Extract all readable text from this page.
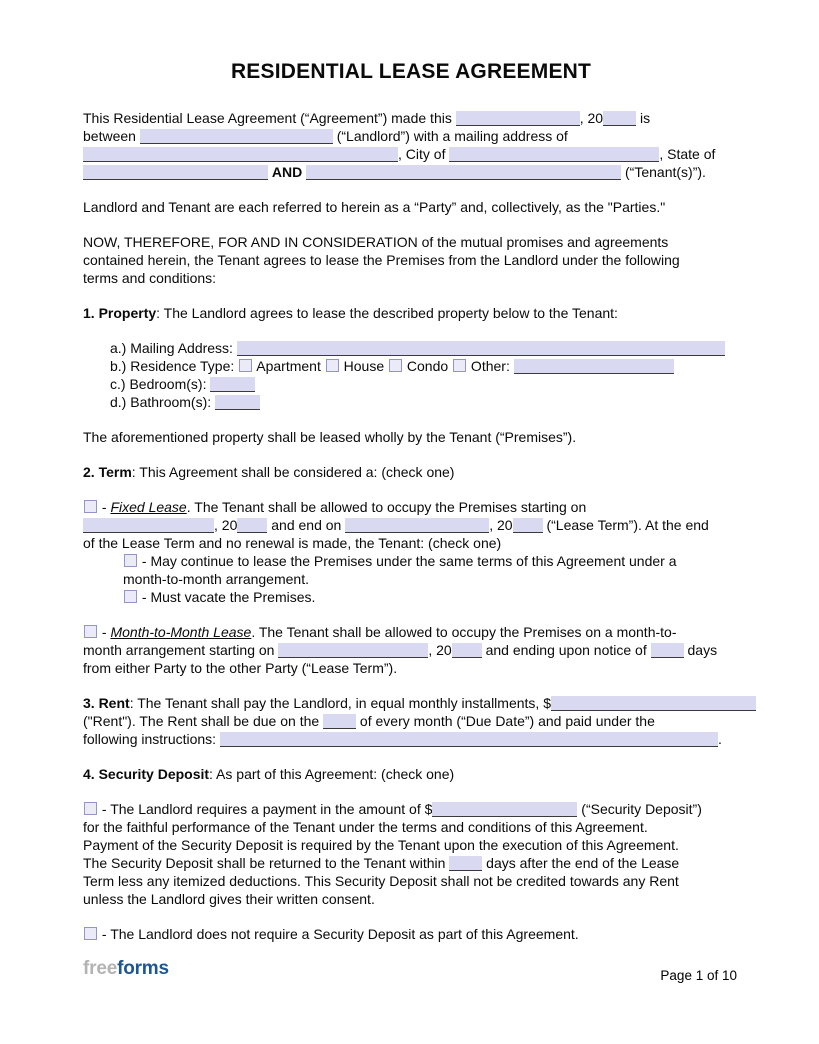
RESIDENTIAL LEASE AGREEMENT
This Residential Lease Agreement (“Agreement”) made this	, 20 is
between	(“Landlord”) with a mailing address of
, City of	, State of
AND	(“Tenant(s)”).
Landlord and Tenant are each referred to herein as a “Party” and, collectively, as the "Parties."
NOW, THEREFORE, FOR AND IN CONSIDERATION of the mutual promises and agreements
contained herein, the Tenant agrees to lease the Premises from the Landlord under the following
terms and conditions:
1. Property: The Landlord agrees to lease the described property below to the Tenant:
a.) Mailing Address:
b.) Residence Type:  Apartment  House  Condo  Other:
c.) Bedroom(s):
d.) Bathroom(s):
The aforementioned property shall be leased wholly by the Tenant (“Premises”).
2. Term: This Agreement shall be considered a: (check one)
- Fixed Lease. The Tenant shall be allowed to occupy the Premises starting on
, 20 and end on	, 20 (“Lease Term”). At the end
of the Lease Term and no renewal is made, the Tenant: (check one)
- May continue to lease the Premises under the same terms of this Agreement under a
month-to-month arrangement.
- Must vacate the Premises.
- Month-to-Month Lease. The Tenant shall be allowed to occupy the Premises on a month-to-
month arrangement starting on	, 20 and ending upon notice of  days
from either Party to the other Party (“Lease Term”).
3. Rent: The Tenant shall pay the Landlord, in equal monthly installments, $
("Rent"). The Rent shall be due on the  of every month (“Due Date”) and paid under the
following instructions:	.
4. Security Deposit: As part of this Agreement: (check one)
- The Landlord requires a payment in the amount of $	(“Security Deposit”)
for the faithful performance of the Tenant under the terms and conditions of this Agreement.
Payment of the Security Deposit is required by the Tenant upon the execution of this Agreement.
The Security Deposit shall be returned to the Tenant within  days after the end of the Lease
Term less any itemized deductions. This Security Deposit shall not be credited towards any Rent
unless the Landlord gives their written consent.
- The Landlord does not require a Security Deposit as part of this Agreement.
freeforms	Page 1 of 10
